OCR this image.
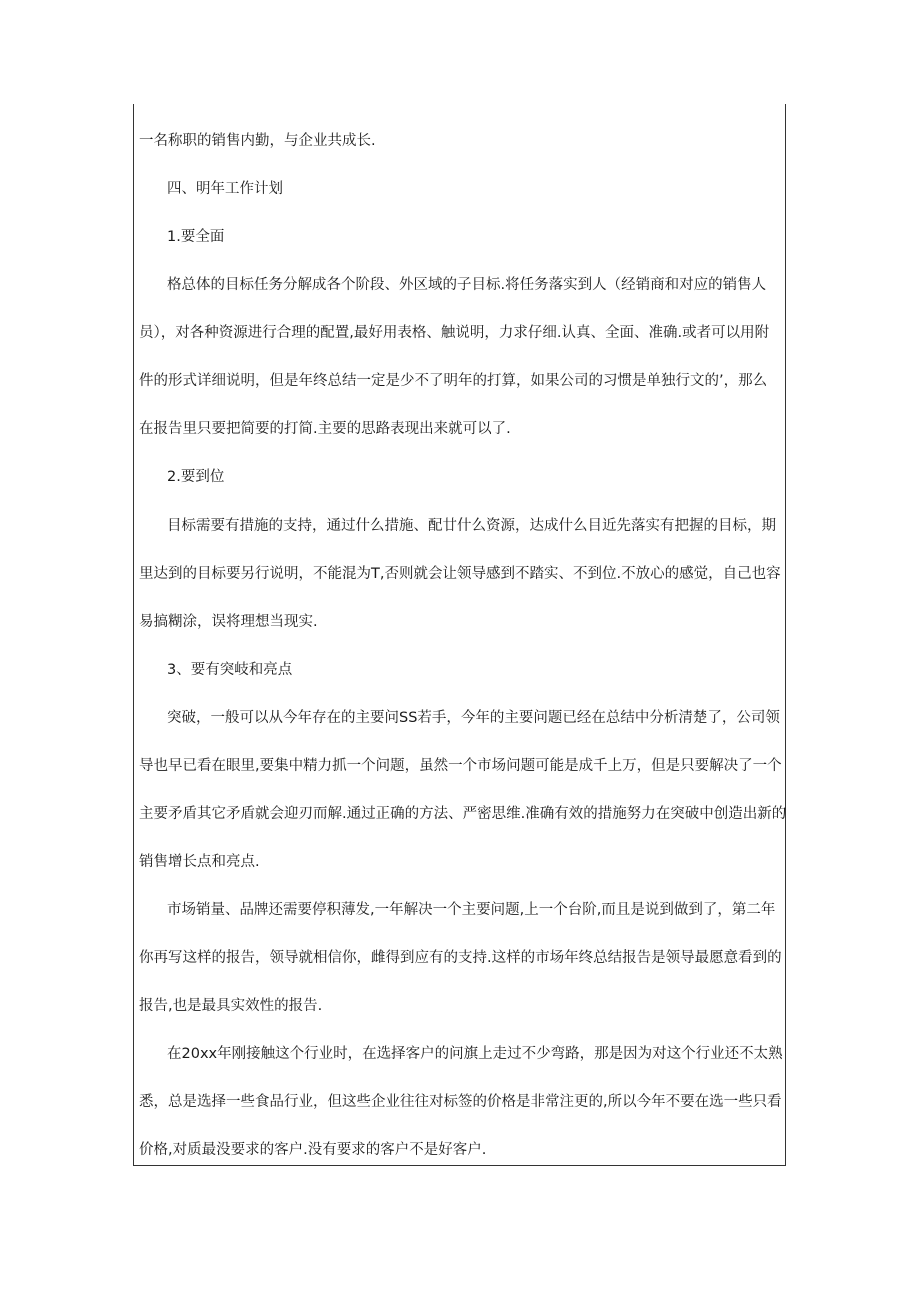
一名称职的销售内勤，与企业共成长.
四、明年工作计划
1.要全面
格总体的目标任务分解成各个阶段、外区域的子目标.将任务落实到人（经销商和对应的销售人
员），对各种资源进行合理的配置,最好用表格、触说明，力求仔细.认真、全面、准确.或者可以用附
件的形式详细说明，但是年终总结一定是少不了明年的打算，如果公司的习惯是单独行文的’，那么
在报告里只要把简要的打简.主要的思路表现出来就可以了.
2.要到位
目标需要有措施的支持，通过什么措施、配廿什么资源，达成什么目近先落实有把握的目标，期
里达到的目标要另行说明，不能混为T,否则就会让领导感到不踏实、不到位.不放心的感觉，自己也容
易搞糊涂，误将理想当现实.
3、要有突岐和亮点
突破，一般可以从今年存在的主要问SS若手，今年的主要问题已经在总结中分析清楚了，公司领
导也早已看在眼里,要集中精力抓一个问题，虽然一个市场问题可能是成千上万，但是只要解决了一个
主要矛盾其它矛盾就会迎刃而解.通过正确的方法、严密思维.准确有效的措施努力在突破中创造出新的
销售增长点和亮点.
市场销量、品牌还需要停积薄发,一年解决一个主要问题,上一个台阶,而且是说到做到了，第二年
你再写这样的报告，领导就相信你，雌得到应有的支持.这样的市场年终总结报告是领导最愿意看到的
报告,也是最具实效性的报告.
在20xx年刚接触这个行业时，在选择客户的问旗上走过不少弯路，那是因为对这个行业还不太熟
悉，总是选择一些食品行业，但这些企业往往对标签的价格是非常注更的,所以今年不要在选一些只看
价格,对质最没要求的客户.没有要求的客户不是好客户.
